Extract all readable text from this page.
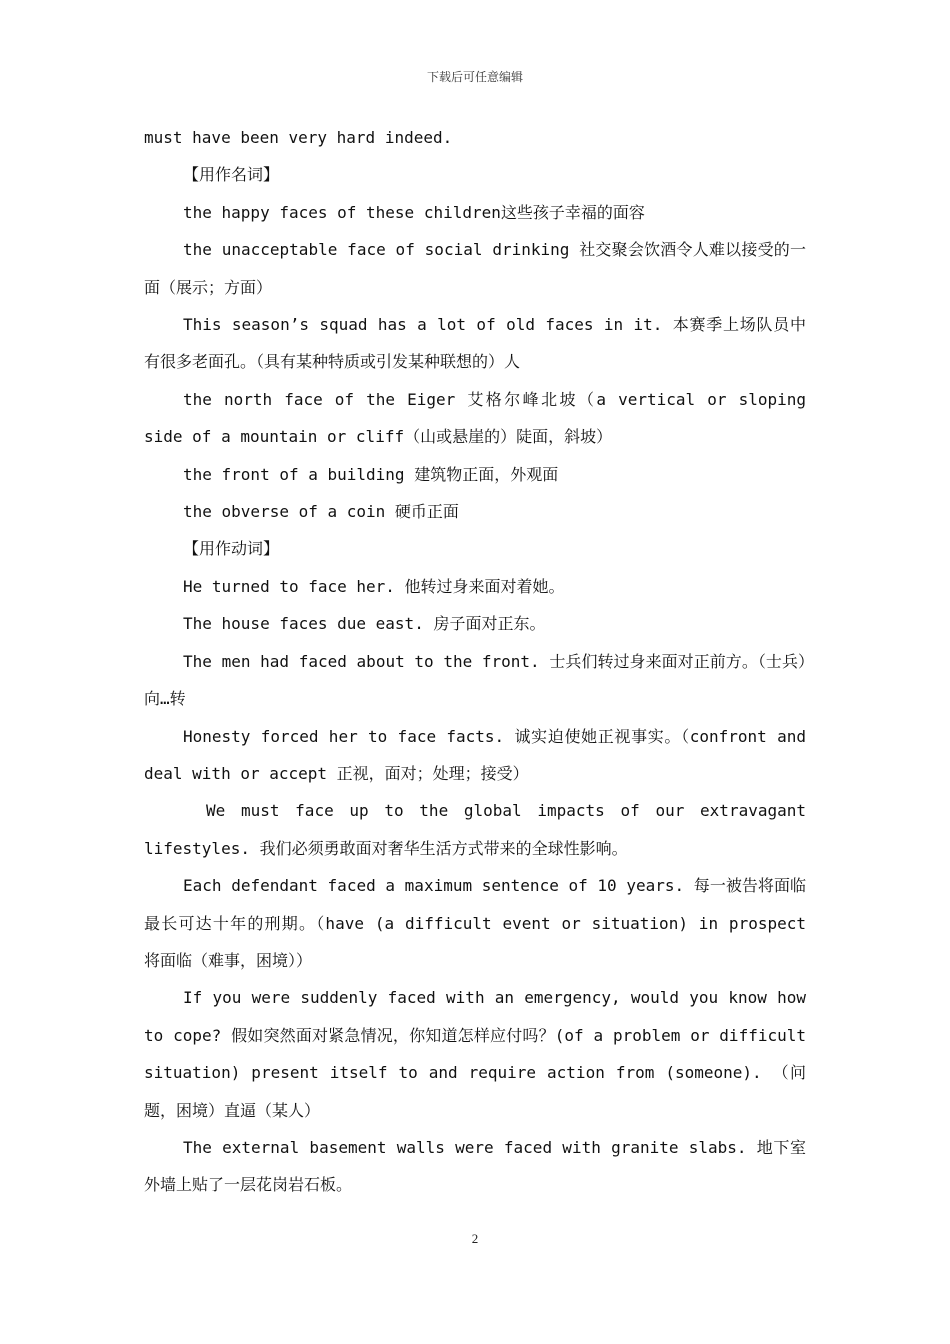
下载后可任意编辑

must have been very hard indeed.

【用作名词】

the happy faces of these children这些孩子幸福的面容

the unacceptable face of social drinking 社交聚会饮酒令人难以接受的一面（展示；方面）

This season’s squad has a lot of old faces in it. 本赛季上场队员中有很多老面孔。（具有某种特质或引发某种联想的）人

the north face of the Eiger 艾格尔峰北坡（a vertical or sloping side of a mountain or cliff（山或悬崖的）陡面，斜坡）

the front of a building 建筑物正面，外观面

the obverse of a coin 硬币正面

【用作动词】

He turned to face her. 他转过身来面对着她。

The house faces due east. 房子面对正东。

The men had faced about to the front. 士兵们转过身来面对正前方。（士兵）向…转

Honesty forced her to face facts. 诚实迫使她正视事实。（confront and deal with or accept 正视，面对；处理；接受）

We must face up to the global impacts of our extravagant lifestyles. 我们必须勇敢面对奢华生活方式带来的全球性影响。

Each defendant faced a maximum sentence of 10 years. 每一被告将面临最长可达十年的刑期。（have (a difficult event or situation) in prospect 将面临（难事，困境））

If you were suddenly faced with an emergency, would you know how to cope? 假如突然面对紧急情况，你知道怎样应付吗？(of a problem or difficult situation) present itself to and require action from (someone). （问题，困境）直逼（某人）

The external basement walls were faced with granite slabs. 地下室外墙上贴了一层花岗岩石板。

2
